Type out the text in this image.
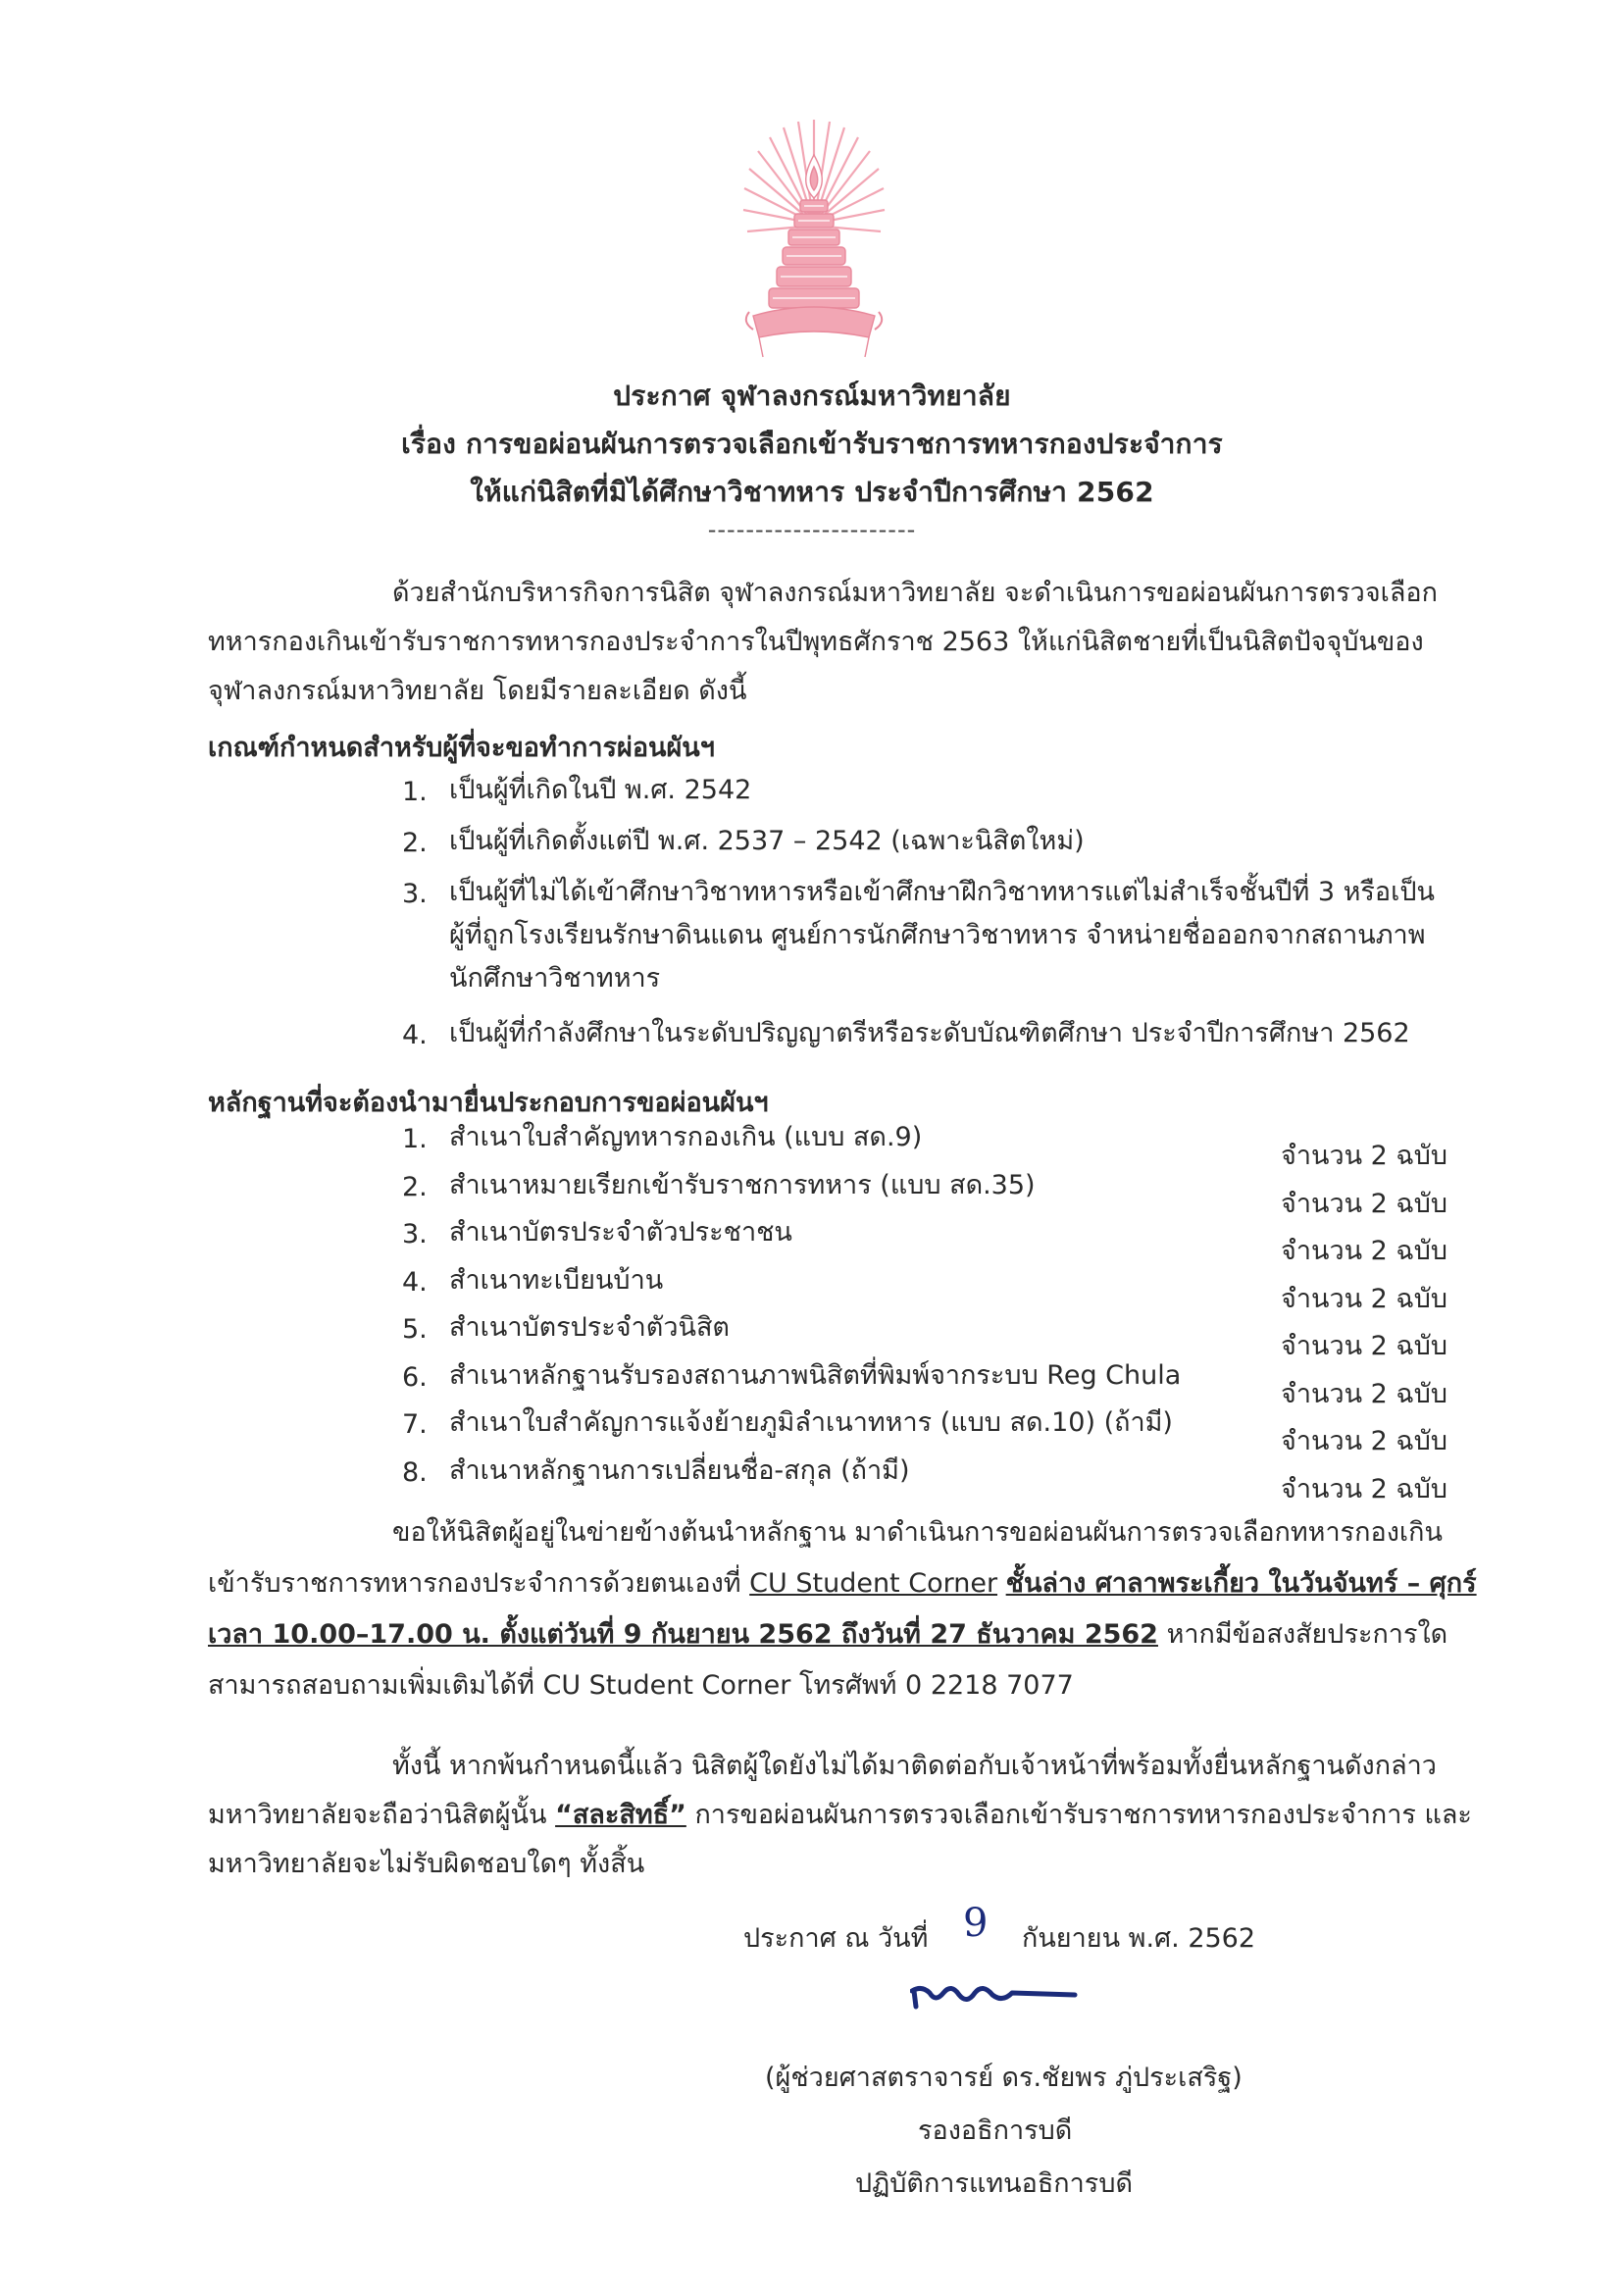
ประกาศ จุฬาลงกรณ์มหาวิทยาลัย
เรื่อง การขอผ่อนผันการตรวจเลือกเข้ารับราชการทหารกองประจำการ
ให้แก่นิสิตที่มิได้ศึกษาวิชาทหาร ประจำปีการศึกษา 2562
----------------------
ด้วยสำนักบริหารกิจการนิสิต จุฬาลงกรณ์มหาวิทยาลัย จะดำเนินการขอผ่อนผันการตรวจเลือก
ทหารกองเกินเข้ารับราชการทหารกองประจำการในปีพุทธศักราช 2563 ให้แก่นิสิตชายที่เป็นนิสิตปัจจุบันของ
จุฬาลงกรณ์มหาวิทยาลัย โดยมีรายละเอียด ดังนี้
เกณฑ์กำหนดสำหรับผู้ที่จะขอทำการผ่อนผันฯ
1. เป็นผู้ที่เกิดในปี พ.ศ. 2542
2. เป็นผู้ที่เกิดตั้งแต่ปี พ.ศ. 2537 – 2542 (เฉพาะนิสิตใหม่)
3. เป็นผู้ที่ไม่ได้เข้าศึกษาวิชาทหารหรือเข้าศึกษาฝึกวิชาทหารแต่ไม่สำเร็จชั้นปีที่ 3 หรือเป็น
ผู้ที่ถูกโรงเรียนรักษาดินแดน ศูนย์การนักศึกษาวิชาทหาร จำหน่ายชื่อออกจากสถานภาพ
นักศึกษาวิชาทหาร
4. เป็นผู้ที่กำลังศึกษาในระดับปริญญาตรีหรือระดับบัณฑิตศึกษา ประจำปีการศึกษา 2562
หลักฐานที่จะต้องนำมายื่นประกอบการขอผ่อนผันฯ
1. สำเนาใบสำคัญทหารกองเกิน (แบบ สด.9)
จำนวน 2 ฉบับ
2. สำเนาหมายเรียกเข้ารับราชการทหาร (แบบ สด.35)
จำนวน 2 ฉบับ
3. สำเนาบัตรประจำตัวประชาชน
จำนวน 2 ฉบับ
4. สำเนาทะเบียนบ้าน
จำนวน 2 ฉบับ
5. สำเนาบัตรประจำตัวนิสิต
จำนวน 2 ฉบับ
6. สำเนาหลักฐานรับรองสถานภาพนิสิตที่พิมพ์จากระบบ Reg Chula
จำนวน 2 ฉบับ
7. สำเนาใบสำคัญการแจ้งย้ายภูมิลำเนาทหาร (แบบ สด.10) (ถ้ามี)
จำนวน 2 ฉบับ
8. สำเนาหลักฐานการเปลี่ยนชื่อ-สกุล (ถ้ามี)
จำนวน 2 ฉบับ
ขอให้นิสิตผู้อยู่ในข่ายข้างต้นนำหลักฐาน มาดำเนินการขอผ่อนผันการตรวจเลือกทหารกองเกิน
เข้ารับราชการทหารกองประจำการด้วยตนเองที่ CU Student Corner ชั้นล่าง ศาลาพระเกี้ยว ในวันจันทร์ – ศุกร์
เวลา 10.00–17.00 น. ตั้งแต่วันที่ 9 กันยายน 2562 ถึงวันที่ 27 ธันวาคม 2562 หากมีข้อสงสัยประการใด
สามารถสอบถามเพิ่มเติมได้ที่ CU Student Corner โทรศัพท์ 0 2218 7077
ทั้งนี้ หากพ้นกำหนดนี้แล้ว นิสิตผู้ใดยังไม่ได้มาติดต่อกับเจ้าหน้าที่พร้อมทั้งยื่นหลักฐานดังกล่าว
มหาวิทยาลัยจะถือว่านิสิตผู้นั้น “สละสิทธิ์” การขอผ่อนผันการตรวจเลือกเข้ารับราชการทหารกองประจำการ และ
มหาวิทยาลัยจะไม่รับผิดชอบใดๆ ทั้งสิ้น
ประกาศ ณ วันที่ 9 กันยายน พ.ศ. 2562
(ผู้ช่วยศาสตราจารย์ ดร.ชัยพร ภู่ประเสริฐ)
รองอธิการบดี
ปฏิบัติการแทนอธิการบดี
